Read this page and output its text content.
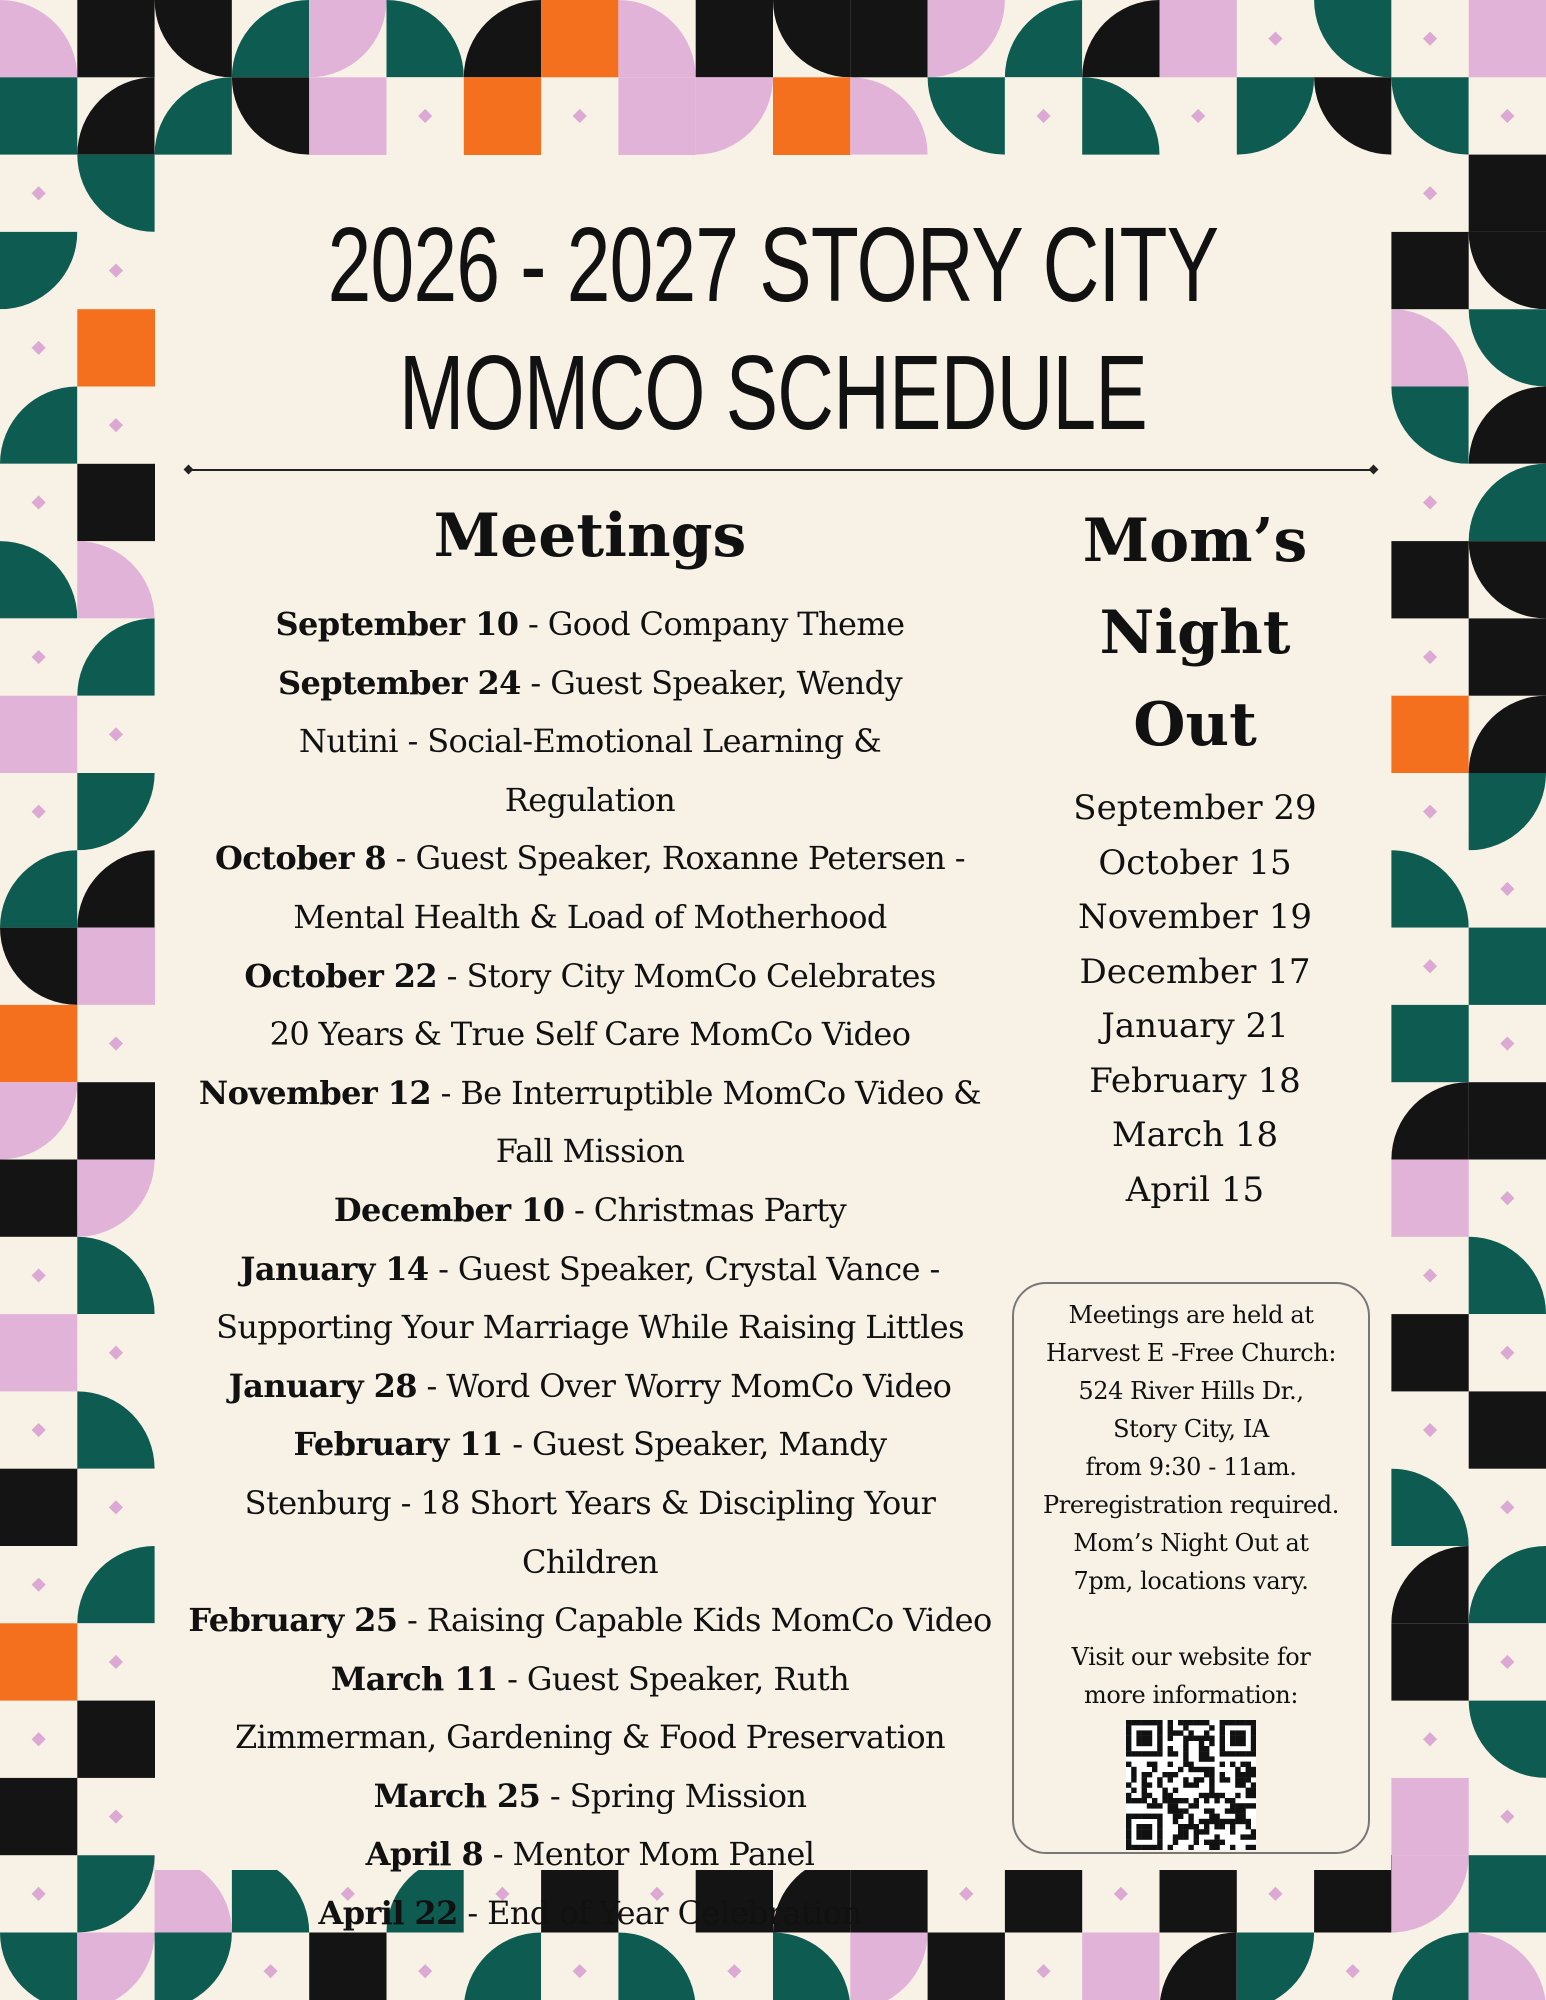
2026 - 2027 STORY CITY
MOMCO SCHEDULE
Meetings
September 10 - Good Company Theme
September 24 - Guest Speaker, Wendy Nutini - Social-Emotional Learning & Regulation
October 8 - Guest Speaker, Roxanne Petersen - Mental Health & Load of Motherhood
October 22 - Story City MomCo Celebrates 20 Years & True Self Care MomCo Video
November 12 - Be Interruptible MomCo Video & Fall Mission
December 10 - Christmas Party
January 14 - Guest Speaker, Crystal Vance - Supporting Your Marriage While Raising Littles
January 28 - Word Over Worry MomCo Video
February 11 - Guest Speaker, Mandy Stenburg - 18 Short Years & Discipling Your Children
February 25 - Raising Capable Kids MomCo Video
March 11 - Guest Speaker, Ruth Zimmerman, Gardening & Food Preservation
March 25 - Spring Mission
April 8 - Mentor Mom Panel
April 22 - End of Year Celebration
Mom’s
Night
Out
September 29
October 15
November 19
December 17
January 21
February 18
March 18
April 15

Meetings are held at

Harvest E -Free Church:

524 River Hills Dr.,

Story City, IA

from 9:30 - 11am.

Preregistration required.

Mom’s Night Out at

7pm, locations vary.

Visit our website for

more information:
